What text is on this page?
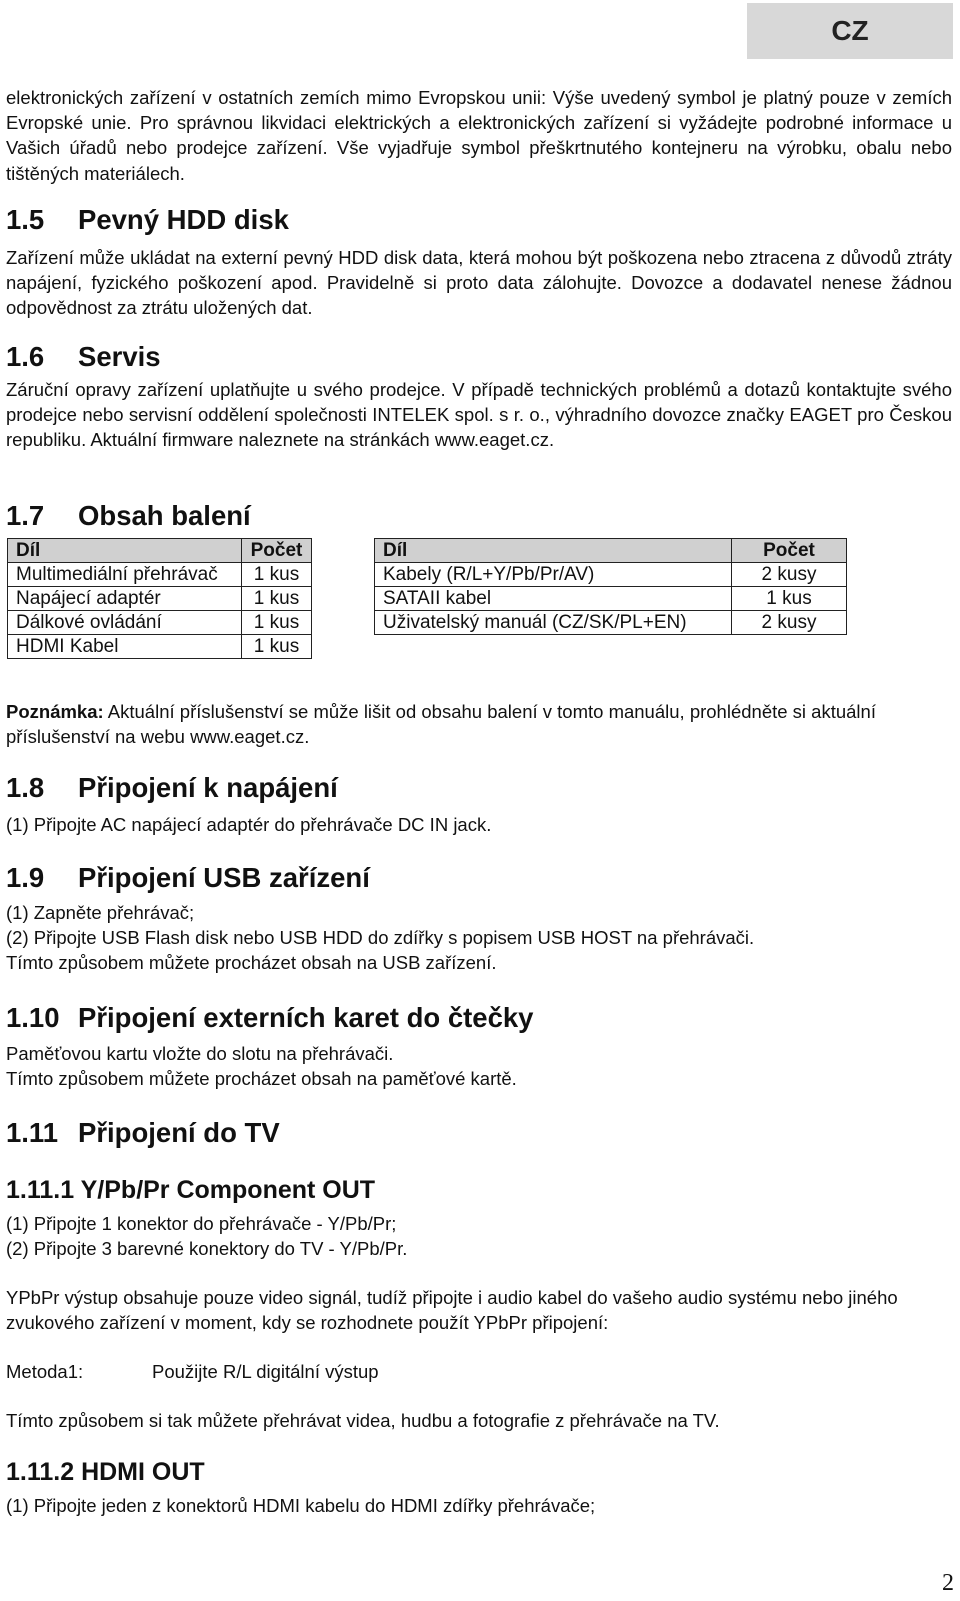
CZ

elektronických zařízení v ostatních zemích mimo Evropskou unii: Výše uvedený symbol je platný pouze v zemích Evropské unie. Pro správnou likvidaci elektrických a elektronických zařízení si vyžádejte podrobné informace u Vašich úřadů nebo prodejce zařízení. Vše vyjadřuje symbol přeškrtnutého kontejneru na výrobku, obalu nebo tištěných materiálech.

1.5 Pevný HDD disk

Zařízení může ukládat na externí pevný HDD disk data, která mohou být poškozena nebo ztracena z důvodů ztráty napájení, fyzického poškození apod. Pravidelně si proto data zálohujte. Dovozce a dodavatel nenese žádnou odpovědnost za ztrátu uložených dat.

1.6 Servis

Záruční opravy zařízení uplatňujte u svého prodejce. V případě technických problémů a dotazů kontaktujte svého prodejce nebo servisní oddělení společnosti INTELEK spol. s r. o., výhradního dovozce značky EAGET pro Českou republiku. Aktuální firmware naleznete na stránkách www.eaget.cz.

1.7 Obsah balení
Díl	Počet
Multimediální přehrávač	1 kus
Napájecí adaptér	1 kus
Dálkové ovládání	1 kus
HDMI Kabel	1 kus
Díl	Počet
Kabely (R/L+Y/Pb/Pr/AV)	2 kusy
SATAII kabel	1 kus
Uživatelský manuál (CZ/SK/PL+EN)	2 kusy

Poznámka: Aktuální příslušenství se může lišit od obsahu balení v tomto manuálu, prohlédněte si aktuální příslušenství na webu www.eaget.cz.

1.8 Připojení k napájení

(1) Připojte AC napájecí adaptér do přehrávače DC IN jack.

1.9 Připojení USB zařízení

(1) Zapněte přehrávač;

(2) Připojte USB Flash disk nebo USB HDD do zdířky s popisem USB HOST na přehrávači.

Tímto způsobem můžete procházet obsah na USB zařízení.

1.10 Připojení externích karet do čtečky

Paměťovou kartu vložte do slotu na přehrávači.

Tímto způsobem můžete procházet obsah na paměťové kartě.

1.11 Připojení do TV
1.11.1 Y/Pb/Pr Component OUT

(1) Připojte 1 konektor do přehrávače - Y/Pb/Pr;

(2) Připojte 3 barevné konektory do TV - Y/Pb/Pr.

YPbPr výstup obsahuje pouze video signál, tudíž připojte i audio kabel do vašeho audio systému nebo jiného zvukového zařízení v moment, kdy se rozhodnete použít YPbPr připojení:

Metoda1:	Použijte R/L digitální výstup

Tímto způsobem si tak můžete přehrávat videa, hudbu a fotografie z přehrávače na TV.

1.11.2 HDMI OUT

(1) Připojte jeden z konektorů HDMI kabelu do HDMI zdířky přehrávače;

2
